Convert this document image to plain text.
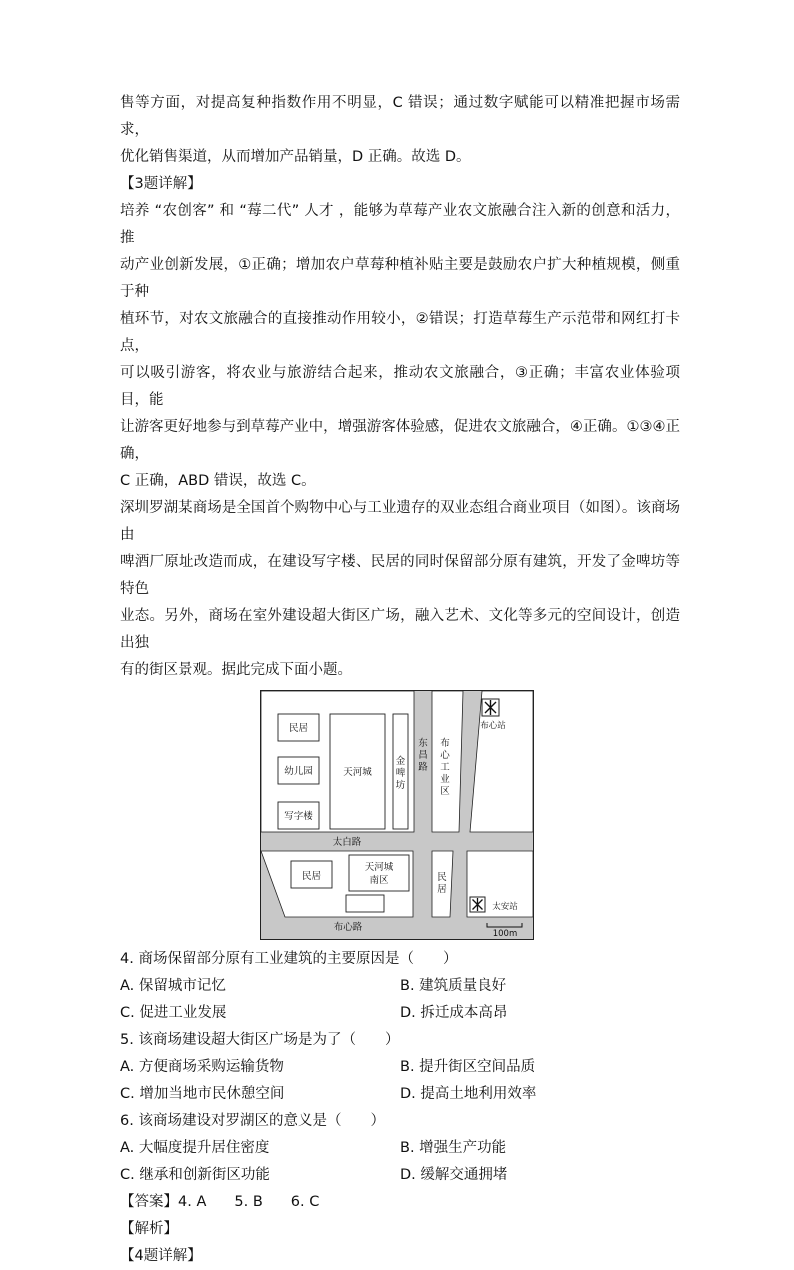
售等方面，对提高复种指数作用不明显，C 错误；通过数字赋能可以精准把握市场需求，

优化销售渠道，从而增加产品销量，D 正确。故选 D。

【3题详解】

培养 “农创客” 和 “莓二代” 人才 ，能够为草莓产业农文旅融合注入新的创意和活力，推

动产业创新发展，①正确；增加农户草莓种植补贴主要是鼓励农户扩大种植规模，侧重于种

植环节，对农文旅融合的直接推动作用较小，②错误；打造草莓生产示范带和网红打卡点，

可以吸引游客，将农业与旅游结合起来，推动农文旅融合，③正确；丰富农业体验项目，能

让游客更好地参与到草莓产业中，增强游客体验感，促进农文旅融合，④正确。①③④正确，

C 正确，ABD 错误，故选 C。

深圳罗湖某商场是全国首个购物中心与工业遗存的双业态组合商业项目（如图）。该商场由

啤酒厂原址改造而成，在建设写字楼、民居的同时保留部分原有建筑，开发了金啤坊等特色

业态。另外，商场在室外建设超大街区广场，融入艺术、文化等多元的空间设计，创造出独

有的街区景观。据此完成下面小题。

民居
幼儿园
写字楼
天河城
金
啤
坊
东
昌
路
布
心
工
业
区
布心站
太白路
民居
天河城
南区	民
居
太安站
布心路
100m

4. 商场保留部分原有工业建筑的主要原因是（　　）

A. 保留城市记忆	B. 建筑质量良好
C. 促进工业发展	D. 拆迁成本高昂

5. 该商场建设超大街区广场是为了（　　）

A. 方便商场采购运输货物	B. 提升街区空间品质
C. 增加当地市民休憩空间	D. 提高土地利用效率

6. 该商场建设对罗湖区的意义是（　　）

A. 大幅度提升居住密度	B. 增强生产功能
C. 继承和创新街区功能	D. 缓解交通拥堵
【答案】4. A 5. B 6. C

【解析】

【4题详解】
